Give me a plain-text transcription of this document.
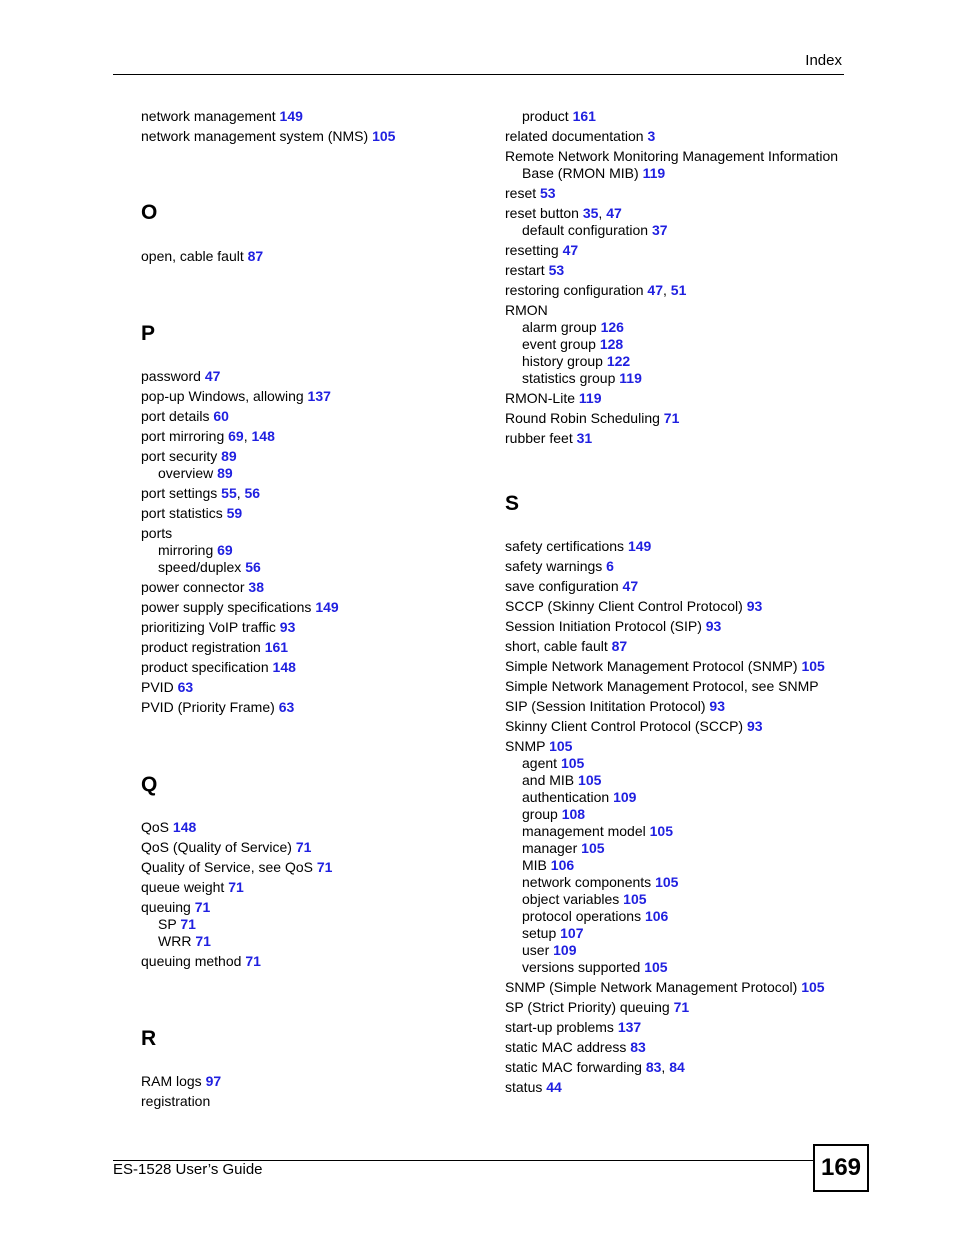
Index
network management 149
network management system (NMS) 105
O
open, cable fault 87
P
password 47
pop-up Windows, allowing 137
port details 60
port mirroring 69, 148
port security 89
overview 89
port settings 55, 56
port statistics 59
ports
mirroring 69
speed/duplex 56
power connector 38
power supply specifications 149
prioritizing VoIP traffic 93
product registration 161
product specification 148
PVID 63
PVID (Priority Frame) 63
Q
QoS 148
QoS (Quality of Service) 71
Quality of Service, see QoS 71
queue weight 71
queuing 71
SP 71
WRR 71
queuing method 71
R
RAM logs 97
registration
product 161
related documentation 3
Remote Network Monitoring Management Information Base (RMON MIB) 119
reset 53
reset button 35, 47
default configuration 37
resetting 47
restart 53
restoring configuration 47, 51
RMON
alarm group 126
event group 128
history group 122
statistics group 119
RMON-Lite 119
Round Robin Scheduling 71
rubber feet 31
S
safety certifications 149
safety warnings 6
save configuration 47
SCCP (Skinny Client Control Protocol) 93
Session Initiation Protocol (SIP) 93
short, cable fault 87
Simple Network Management Protocol (SNMP) 105
Simple Network Management Protocol, see SNMP
SIP (Session Inititation Protocol) 93
Skinny Client Control Protocol (SCCP) 93
SNMP 105
agent 105
and MIB 105
authentication 109
group 108
management model 105
manager 105
MIB 106
network components 105
object variables 105
protocol operations 106
setup 107
user 109
versions supported 105
SNMP (Simple Network Management Protocol) 105
SP (Strict Priority) queuing 71
start-up problems 137
static MAC address 83
static MAC forwarding 83, 84
status 44
ES-1528 User’s Guide	169
